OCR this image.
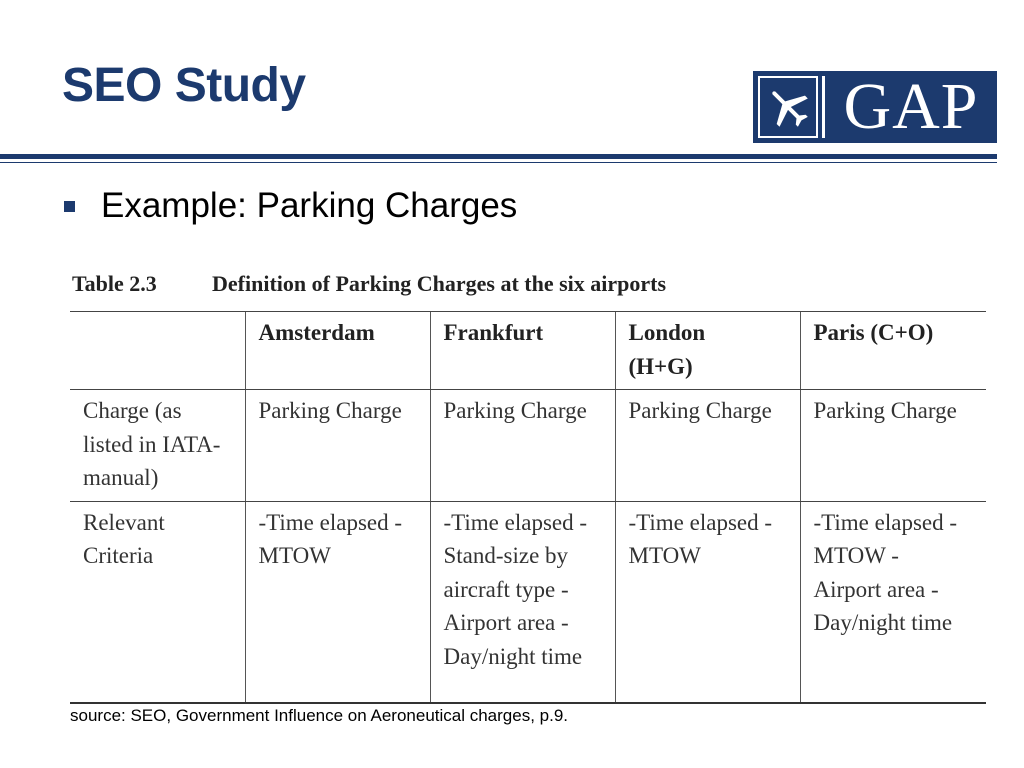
SEO Study	GAP
Example: Parking Charges
Table 2.3	Definition of Parking Charges at the six airports
	Amsterdam	Frankfurt	London (H+G)	Paris (C+O)

Charge (as listed in IATA-manual)	Parking Charge	Parking Charge	Parking Charge	Parking Charge

Relevant Criteria	-Time elapsed -MTOW	-Time elapsed -Stand-size by aircraft type -Airport area -Day/night time	-Time elapsed -MTOW	-Time elapsed -MTOW -Airport area -Day/night time
source: SEO, Government Influence on Aeroneutical charges, p.9.
